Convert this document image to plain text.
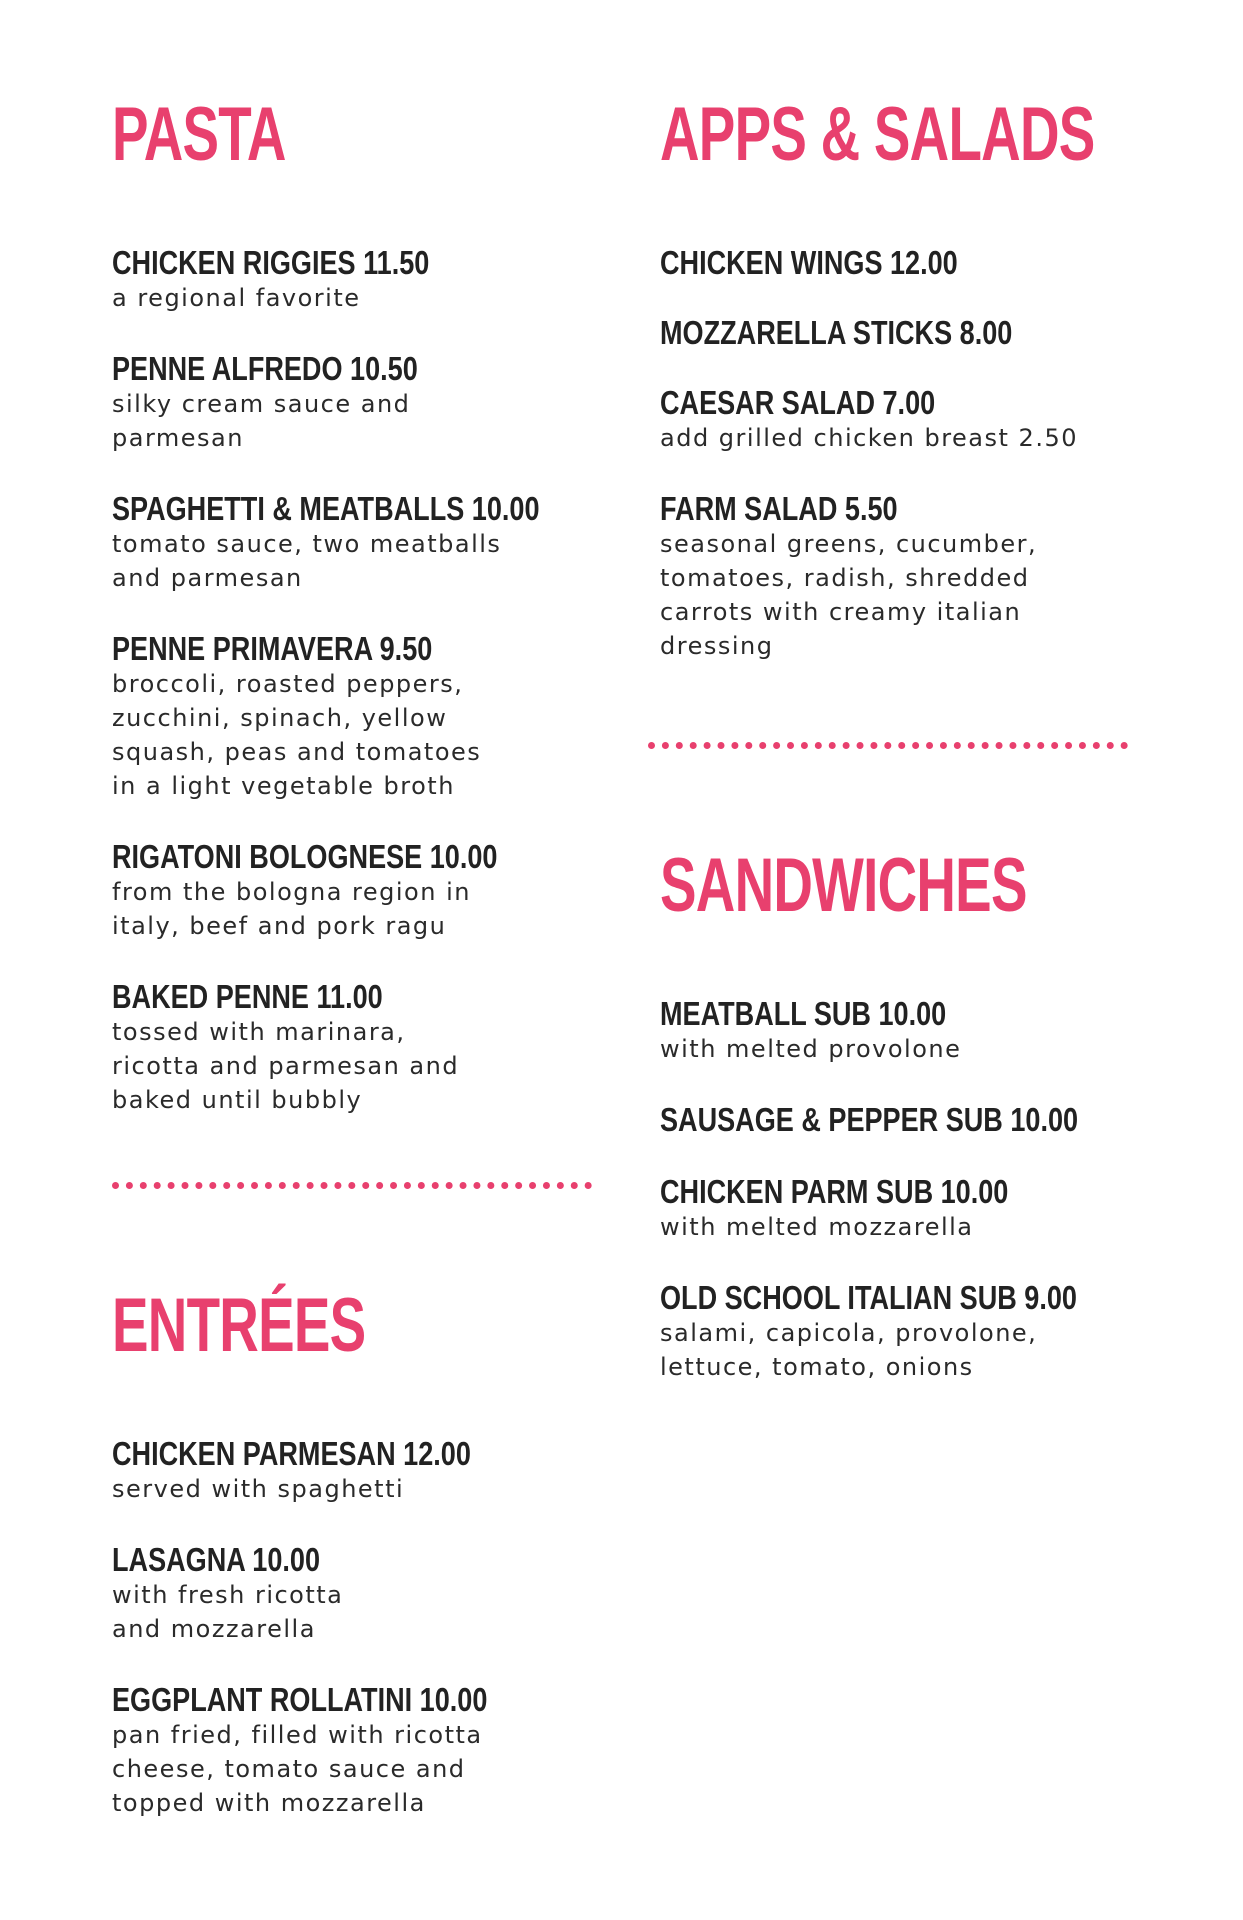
PASTA
CHICKEN RIGGIES 11.50
a regional favorite
PENNE ALFREDO 10.50
silky cream sauce and
parmesan
SPAGHETTI & MEATBALLS 10.00
tomato sauce, two meatballs
and parmesan
PENNE PRIMAVERA 9.50
broccoli, roasted peppers,
zucchini, spinach, yellow
squash, peas and tomatoes
in a light vegetable broth
RIGATONI BOLOGNESE 10.00
from the bologna region in
italy, beef and pork ragu
BAKED PENNE 11.00
tossed with marinara,
ricotta and parmesan and
baked until bubbly
ENTRÉES
CHICKEN PARMESAN 12.00
served with spaghetti
LASAGNA 10.00
with fresh ricotta
and mozzarella
EGGPLANT ROLLATINI 10.00
pan fried, filled with ricotta
cheese, tomato sauce and
topped with mozzarella
APPS & SALADS
CHICKEN WINGS 12.00
MOZZARELLA STICKS 8.00
CAESAR SALAD 7.00
add grilled chicken breast 2.50
FARM SALAD 5.50
seasonal greens, cucumber,
tomatoes, radish, shredded
carrots with creamy italian
dressing
SANDWICHES
MEATBALL SUB 10.00
with melted provolone
SAUSAGE & PEPPER SUB 10.00
CHICKEN PARM SUB 10.00
with melted mozzarella
OLD SCHOOL ITALIAN SUB 9.00
salami, capicola, provolone,
lettuce, tomato, onions
